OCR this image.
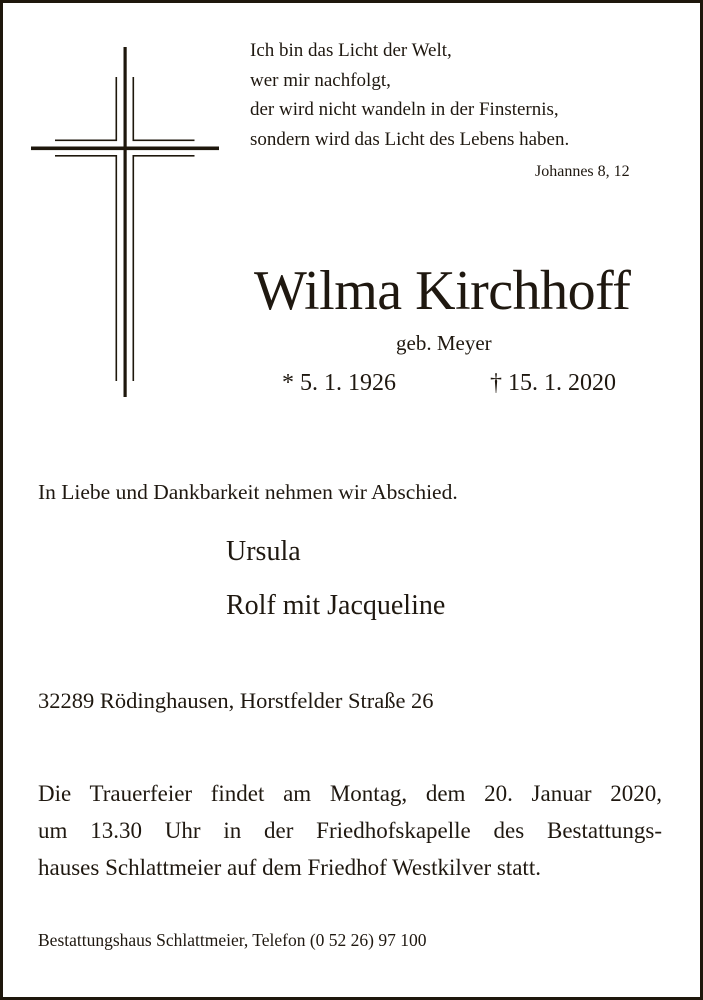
Ich bin das Licht der Welt,
wer mir nachfolgt,
der wird nicht wandeln in der Finsternis,
sondern wird das Licht des Lebens haben.
Johannes 8, 12
Wilma Kirchhoff
geb. Meyer
* 5. 1. 1926	† 15. 1. 2020
In Liebe und Dankbarkeit nehmen wir Abschied.
Ursula
Rolf mit Jacqueline
32289 Rödinghausen, Horstfelder Straße 26
Die Trauerfeier findet am Montag, dem 20. Januar 2020,
um 13.30 Uhr in der Friedhofskapelle des Bestattungs-
hauses Schlattmeier auf dem Friedhof Westkilver statt.
Bestattungshaus Schlattmeier, Telefon (0 52 26) 97 100
